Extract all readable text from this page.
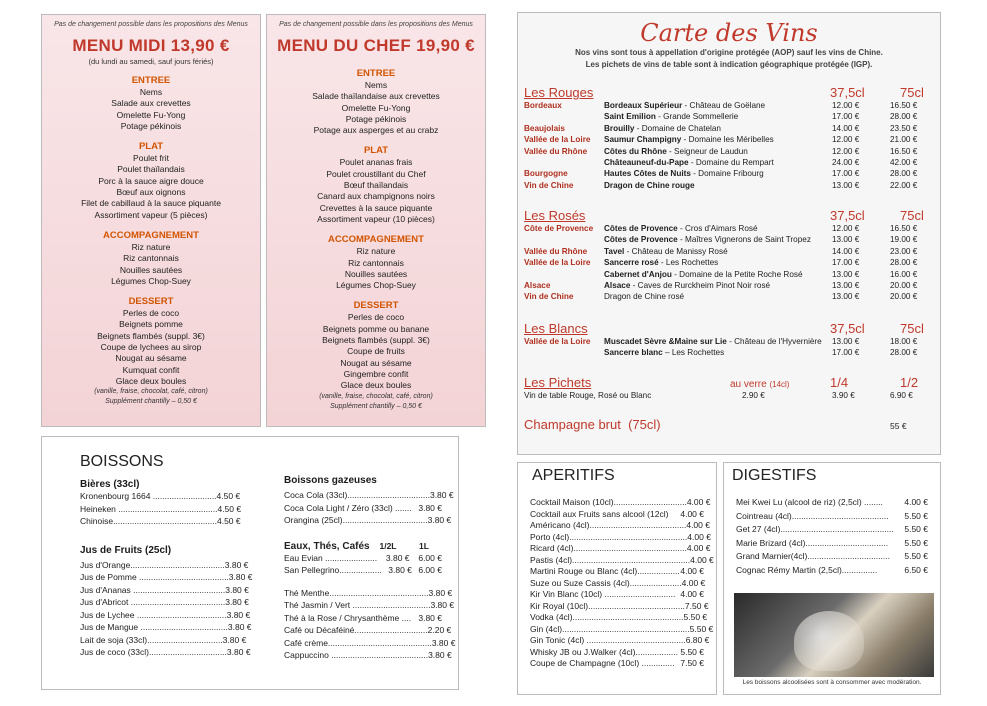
Pas de changement possible dans les propositions des Menus
MENU MIDI 13,90 €
(du lundi au samedi, sauf jours fériés)
ENTREE
Nems
Salade aux crevettes
Omelette Fu-Yong
Potage pékinois
PLAT
Poulet frit
Poulet thaïlandais
Porc à la sauce aigre douce
Bœuf aux oignons
Filet de cabillaud à la sauce piquante
Assortiment vapeur (5 pièces)
ACCOMPAGNEMENT
Riz nature
Riz cantonnais
Nouilles sautées
Légumes Chop-Suey
DESSERT
Perles de coco
Beignets pomme
Beignets flambés (suppl. 3€)
Coupe de lychees au sirop
Nougat au sésame
Kumquat confit
Glace deux boules
(vanille, fraise, chocolat, café, citron)
Supplément chantilly – 0,50 €
Pas de changement possible dans les propositions des Menus
MENU DU CHEF 19,90 €
ENTREE
Nems
Salade thaïlandaise aux crevettes
Omelette Fu-Yong
Potage pékinois
Potage aux asperges et au crabz
PLAT
Poulet ananas frais
Poulet croustillant du Chef
Bœuf thaïlandais
Canard aux champignons noirs
Crevettes à la sauce piquante
Assortiment vapeur (10 pièces)
ACCOMPAGNEMENT
Riz nature
Riz cantonnais
Nouilles sautées
Légumes Chop-Suey
DESSERT
Perles de coco
Beignets pomme ou banane
Beignets flambés (suppl. 3€)
Coupe de fruits
Nougat au sésame
Gingembre confit
Glace deux boules
(vanille, fraise, chocolat, café, citron)
Supplément chantilly – 0,50 €
Carte des Vins
Nos vins sont tous à appellation d'origine protégée (AOP) sauf les vins de Chine.
Les pichets de vins de table sont à indication géographique protégée (IGP).
Les Rouges	37,5cl	75cl
Bordeaux	Bordeaux Supérieur - Château de Goëlane	12.00 €	16.50 €
Saint Emilion - Grande Sommellerie	17.00 €	28.00 €
Beaujolais	Brouilly - Domaine de Chatelan	14.00 €	23.50 €
Vallée de la Loire	Saumur Champigny - Domaine les Méribelles	12.00 €	21.00 €
Vallée du Rhône	Côtes du Rhône - Seigneur de Laudun	12.00 €	16.50 €
Châteauneuf-du-Pape - Domaine du Rempart	24.00 €	42.00 €
Bourgogne	Hautes Côtes de Nuits - Domaine Fribourg	17.00 €	28.00 €
Vin de Chine	Dragon de Chine rouge	13.00 €	22.00 €
Les Rosés	37,5cl	75cl
Côte de Provence	Côtes de Provence - Cros d'Aimars Rosé	12.00 €	16.50 €
Côtes de Provence - Maîtres Vignerons de Saint Tropez	13.00 €	19.00 €
Vallée du Rhône	Tavel - Château de Manissy Rosé	14.00 €	23.00 €
Vallée de la Loire	Sancerre rosé - Les Rochettes	17.00 €	28.00 €
Cabernet d'Anjou - Domaine de la Petite Roche Rosé	13.00 €	16.00 €
Alsace	Alsace - Caves de Rurckheim Pinot Noir rosé	13.00 €	20.00 €
Vin de Chine	Dragon de Chine rosé	13.00 €	20.00 €
Les Blancs	37,5cl	75cl
Vallée de la Loire	Muscadet Sèvre &Maine sur Lie - Château de l'Hyvernière	13.00 €	18.00 €
Sancerre blanc – Les Rochettes	17.00 €	28.00 €
Les Pichets	au verre (14cl)	1/4	1/2
Vin de table Rouge, Rosé ou Blanc	2.90 €	3.90 €	6.90 €
Champagne brut (75cl)	55 €
BOISSONS
Bières (33cl)
Kronenbourg 1664 ........................... 4.50 €
Heineken .......................................... 4.50 €
Chinoise............................................ 4.50 €
Jus de Fruits (25cl)
Jus d'Orange........................................ 3.80 €
Jus de Pomme ...................................... 3.80 €
Jus d'Ananas ....................................... 3.80 €
Jus d'Abricot ........................................ 3.80 €
Jus de Lychee ...................................... 3.80 €
Jus de Mangue ..................................... 3.80 €
Lait de soja (33cl)................................ 3.80 €
Jus de coco (33cl)................................. 3.80 €
Boissons gazeuses
Coca Cola (33cl)................................... 3.80 €
Coca Cola Light / Zéro (33cl) ....... 3.80 €
Orangina (25cl).................................... 3.80 €
Eaux, Thés, Cafés	1/2L	1L
Eau Evian ......................	3.80 €	6.00 €
San Pellegrino.................. 3.80 € 6.00 €
Thé Menthe.......................................... 3.80 €
Thé Jasmin / Vert ................................. 3.80 €
Thé à la Rose / Chrysanthème .... 3.80 €
Café ou Décaféiné............................... 2.20 €
Café crème............................................ 3.80 €
Cappuccino ......................................... 3.80 €
APERITIFS
Cocktail Maison (10cl)............................... 4.00 €
Cocktail aux Fruits sans alcool (12cl)	4.00 €
Américano (4cl)......................................... 4.00 €
Porto (4cl).................................................. 4.00 €
Ricard (4cl)................................................ 4.00 €
Pastis (4cl).................................................. 4.00 €
Martini Rouge ou Blanc (4cl).................. 4.00 €
Suze ou Suze Cassis (4cl)...................... 4.00 €
Kir Vin Blanc (10cl) .............................. 4.00 €
Kir Royal (10cl)......................................... 7.50 €
Vodka (4cl)............................................... 5.50 €
Gin (4cl)...................................................... 5.50 €
Gin Tonic (4cl) .......................................... 6.80 €
Whisky JB ou J.Walker (4cl).................. 5.50 €
Coupe de Champagne (10cl) .............. 7.50 €
DIGESTIFS
Mei Kwei Lu (alcool de riz) (2,5cl) ........	4.00 €
Cointreau (4cl).........................................	5.50 €
Get 27 (4cl)................................................	5.50 €
Marie Brizard (4cl)...................................	5.50 €
Grand Marnier(4cl)...................................	5.50 €
Cognac Rémy Martin (2,5cl)...............	6.50 €
Les boissons alcoolisées sont à consommer avec modération.
